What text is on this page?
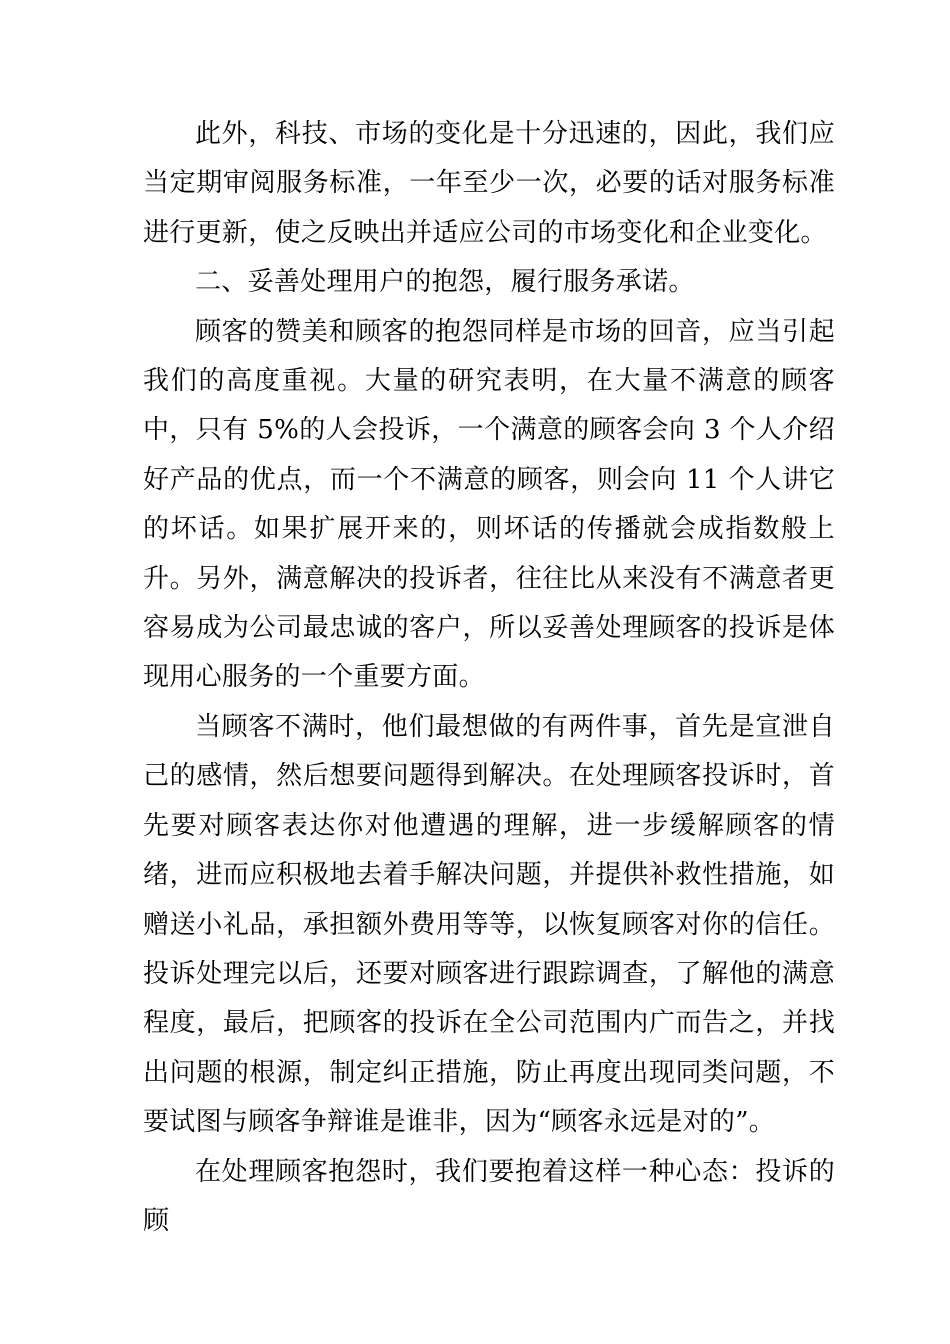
此外，科技、市场的变化是十分迅速的，因此，我们应当定期审阅服务标准，一年至少一次，必要的话对服务标准进行更新，使之反映出并适应公司的市场变化和企业变化。

二、妥善处理用户的抱怨，履行服务承诺。

顾客的赞美和顾客的抱怨同样是市场的回音，应当引起我们的高度重视。大量的研究表明，在大量不满意的顾客中，只有 5%的人会投诉，一个满意的顾客会向 3 个人介绍好产品的优点，而一个不满意的顾客，则会向 11 个人讲它的坏话。如果扩展开来的，则坏话的传播就会成指数般上升。另外，满意解决的投诉者，往往比从来没有不满意者更容易成为公司最忠诚的客户，所以妥善处理顾客的投诉是体现用心服务的一个重要方面。

当顾客不满时，他们最想做的有两件事，首先是宣泄自己的感情，然后想要问题得到解决。在处理顾客投诉时，首先要对顾客表达你对他遭遇的理解，进一步缓解顾客的情绪，进而应积极地去着手解决问题，并提供补救性措施，如赠送小礼品，承担额外费用等等，以恢复顾客对你的信任。投诉处理完以后，还要对顾客进行跟踪调查，了解他的满意程度，最后，把顾客的投诉在全公司范围内广而告之，并找出问题的根源，制定纠正措施，防止再度出现同类问题，不要试图与顾客争辩谁是谁非，因为“顾客永远是对的”。

在处理顾客抱怨时，我们要抱着这样一种心态：投诉的顾
